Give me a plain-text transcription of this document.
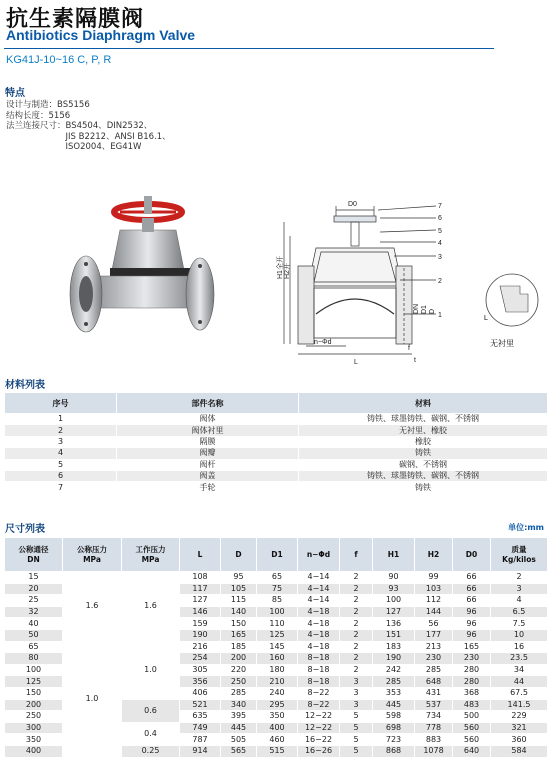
抗生素隔膜阀
Antibiotics Diaphragm Valve
KG41J-10~16 C, P, R
特点
设计与制造： BS5156
结构长度： 5156
法兰连接尺寸： BS4504、DIN2532、
JIS B2212、ANSI B16.1、
ISO2004、EG41W
D0	7
6
5
4
3
2
1
H1全开 H2开
DN D1 D
n−Φd
L
f
t
L
无衬里
材料列表
序号	部件名称	材料
1	阀体	铸铁、球墨铸铁、碳钢、不锈钢
2	阀体衬里	无衬里、橡胶
3	隔膜	橡胶
4	阀瓣	铸铁
5	阀杆	碳钢、不锈钢
6	阀盖	铸铁、球墨铸铁、碳钢、不锈钢
7	手轮	铸铁
尺寸列表	单位:mm
公称通径
DN	公称压力
MPa	工作压力
MPa	L	D	D1	n−Φd	f	H1	H2	D0	质量
Kg/kilos
15	1.6	1.6	108	95	65	4−14	2	90	99	66	2
20			117	105	75	4−14	2	93	103	66	3
25			127	115	85	4−14	2	100	112	66	4
32			146	140	100	4−18	2	127	144	96	6.5
40			159	150	110	4−18	2	136	56	96	7.5
50			190	165	125	4−18	2	151	177	96	10
65	1.0	1.0	216	185	145	4−18	2	183	213	165	16
80			254	200	160	8−18	2	190	230	230	23.5
100			305	220	180	8−18	2	242	285	280	34
125			356	250	210	8−18	3	285	648	280	44
150			406	285	240	8−22	3	353	431	368	67.5
200		0.6	521	340	295	8−22	3	445	537	483	141.5
250			635	395	350	12−22	5	598	734	500	229
300		0.4	749	445	400	12−22	5	698	778	560	321
350			787	505	460	16−22	5	723	883	560	360
400		0.25	914	565	515	16−26	5	868	1078	640	584
